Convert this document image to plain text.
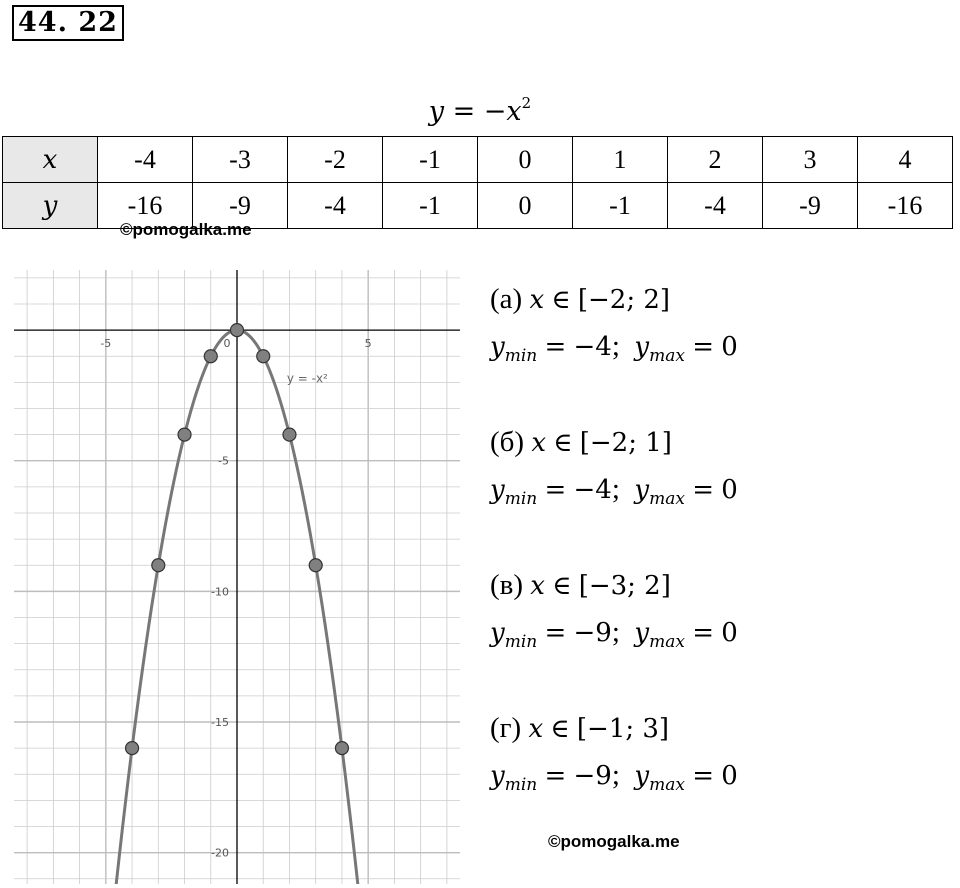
44. 22
$y = -x^2$
x	-4	-3	-2	-1	0	1	2	3	4
y	-16	-9	-4	-1	0	-1	-4	-9	-16
©pomogalka.me
-5	0	5
-5
-10
-15
-20
y = -x²
(а) x ∈ [−2; 2]
$y_{min} = -4$;  $y_{max} = 0$
(б) x ∈ [−2; 1]
$y_{min} = -4$;  $y_{max} = 0$
(в) x ∈ [−3; 2]
$y_{min} = -9$;  $y_{max} = 0$
(г) x ∈ [−1; 3]
$y_{min} = -9$;  $y_{max} = 0$
©pomogalka.me
